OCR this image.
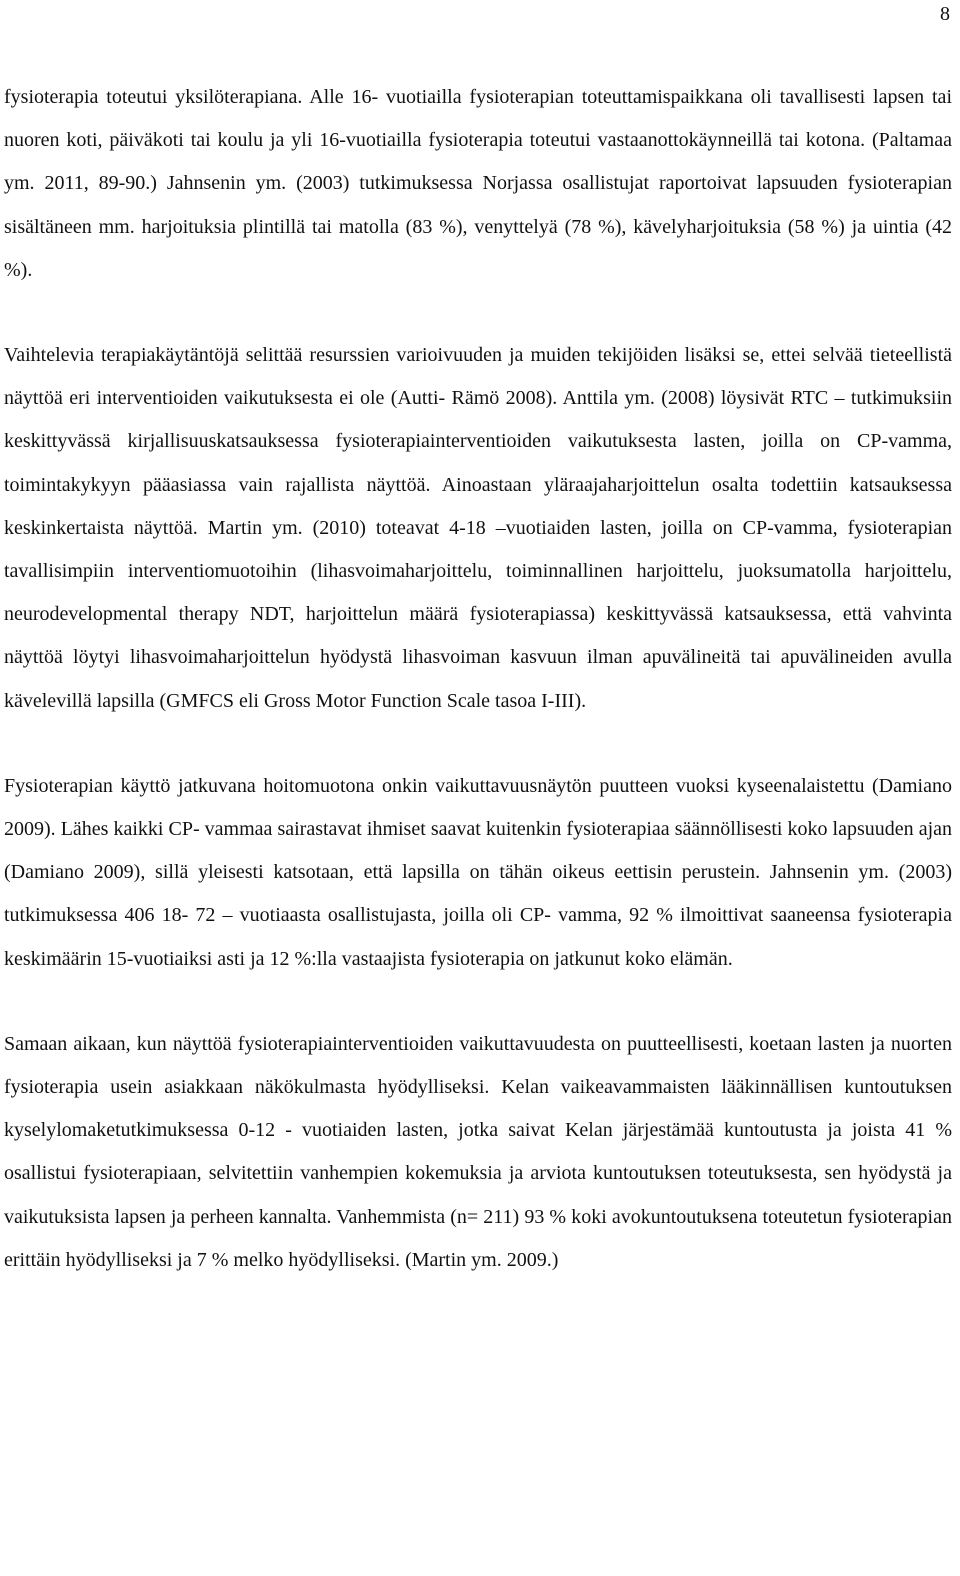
8

fysioterapia toteutui yksilöterapiana. Alle 16- vuotiailla fysioterapian toteuttamispaikkana oli tavallisesti lapsen tai nuoren koti, päiväkoti tai koulu ja yli 16-vuotiailla fysioterapia toteutui vastaanottokäynneillä tai kotona. (Paltamaa ym. 2011, 89-90.) Jahnsenin ym. (2003) tutkimuksessa Norjassa osallistujat raportoivat lapsuuden fysioterapian sisältäneen mm. harjoituksia plintillä tai matolla (83 %), venyttelyä (78 %), kävelyharjoituksia (58 %) ja uintia (42 %).

Vaihtelevia terapiakäytäntöjä selittää resurssien varioivuuden ja muiden tekijöiden lisäksi se, ettei selvää tieteellistä näyttöä eri interventioiden vaikutuksesta ei ole (Autti- Rämö 2008). Anttila ym. (2008) löysivät RTC – tutkimuksiin keskittyvässä kirjallisuuskatsauksessa fysioterapiainterventioiden vaikutuksesta lasten, joilla on CP-vamma, toimintakykyyn pääasiassa vain rajallista näyttöä. Ainoastaan yläraajaharjoittelun osalta todettiin katsauksessa keskinkertaista näyttöä. Martin ym. (2010) toteavat 4-18 –vuotiaiden lasten, joilla on CP-vamma, fysioterapian tavallisimpiin interventiomuotoihin (lihasvoimaharjoittelu, toiminnallinen harjoittelu, juoksumatolla harjoittelu, neurodevelopmental therapy NDT, harjoittelun määrä fysioterapiassa) keskittyvässä katsauksessa, että vahvinta näyttöä löytyi lihasvoimaharjoittelun hyödystä lihasvoiman kasvuun ilman apuvälineitä tai apuvälineiden avulla kävelevillä lapsilla (GMFCS eli Gross Motor Function Scale tasoa I-III).

Fysioterapian käyttö jatkuvana hoitomuotona onkin vaikuttavuusnäytön puutteen vuoksi kyseenalaistettu (Damiano 2009). Lähes kaikki CP- vammaa sairastavat ihmiset saavat kuitenkin fysioterapiaa säännöllisesti koko lapsuuden ajan (Damiano 2009), sillä yleisesti katsotaan, että lapsilla on tähän oikeus eettisin perustein. Jahnsenin ym. (2003) tutkimuksessa 406 18- 72 – vuotiaasta osallistujasta, joilla oli CP- vamma, 92 % ilmoittivat saaneensa fysioterapia keskimäärin 15-vuotiaiksi asti ja 12 %:lla vastaajista fysioterapia on jatkunut koko elämän.

Samaan aikaan, kun näyttöä fysioterapiainterventioiden vaikuttavuudesta on puutteellisesti, koetaan lasten ja nuorten fysioterapia usein asiakkaan näkökulmasta hyödylliseksi. Kelan vaikeavammaisten lääkinnällisen kuntoutuksen kyselylomaketutkimuksessa 0-12 - vuotiaiden lasten, jotka saivat Kelan järjestämää kuntoutusta ja joista 41 % osallistui fysioterapiaan, selvitettiin vanhempien kokemuksia ja arviota kuntoutuksen toteutuksesta, sen hyödystä ja vaikutuksista lapsen ja perheen kannalta. Vanhemmista (n= 211) 93 % koki avokuntoutuksena toteutetun fysioterapian erittäin hyödylliseksi ja 7 % melko hyödylliseksi. (Martin ym. 2009.)
